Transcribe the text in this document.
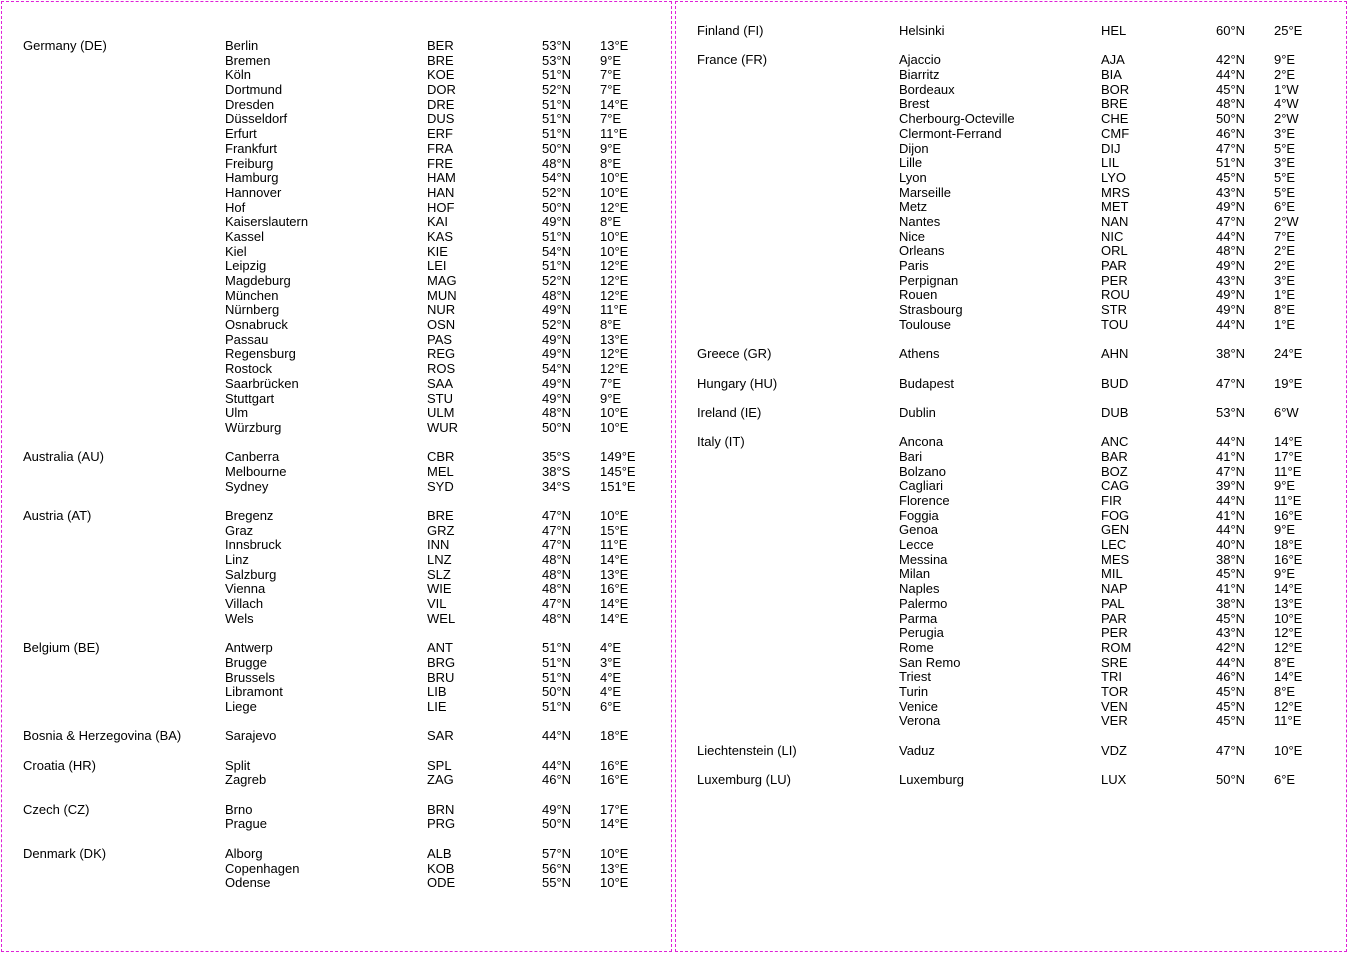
Germany (DE)	Berlin	BER	53°N 13°E
Bremen	BRE	53°N 9°E
Köln	KOE	51°N 7°E
Dortmund	DOR	52°N 7°E
Dresden	DRE	51°N 14°E
Düsseldorf	DUS	51°N 7°E
Erfurt	ERF	51°N 11°E
Frankfurt	FRA	50°N 9°E
Freiburg	FRE	48°N 8°E
Hamburg	HAM	54°N 10°E
Hannover	HAN	52°N 10°E
Hof	HOF	50°N 12°E
Kaiserslautern	KAI	49°N 8°E
Kassel	KAS	51°N 10°E
Kiel	KIE	54°N 10°E
Leipzig	LEI	51°N 12°E
Magdeburg	MAG	52°N 12°E
München	MUN	48°N 12°E
Nürnberg	NUR	49°N 11°E
Osnabruck	OSN	52°N 8°E
Passau	PAS	49°N 13°E
Regensburg	REG	49°N 12°E
Rostock	ROS	54°N 12°E
Saarbrücken	SAA	49°N 7°E
Stuttgart	STU	49°N 9°E
Ulm	ULM	48°N 10°E
Würzburg	WUR	50°N 10°E
Australia (AU)	Canberra	CBR	35°S 149°E
Melbourne	MEL	38°S 145°E
Sydney	SYD	34°S 151°E
Austria (AT)	Bregenz	BRE	47°N 10°E
Graz	GRZ	47°N 15°E
Innsbruck	INN	47°N 11°E
Linz	LNZ	48°N 14°E
Salzburg	SLZ	48°N 13°E
Vienna	WIE	48°N 16°E
Villach	VIL	47°N 14°E
Wels	WEL	48°N 14°E
Belgium (BE)	Antwerp	ANT	51°N 4°E
Brugge	BRG	51°N 3°E
Brussels	BRU	51°N 4°E
Libramont	LIB	50°N 4°E
Liege	LIE	51°N 6°E
Bosnia & Herzegovina (BA)	Sarajevo	SAR	44°N 18°E
Croatia (HR)	Split	SPL	44°N 16°E
Zagreb	ZAG	46°N 16°E
Czech (CZ)	Brno	BRN	49°N 17°E
Prague	PRG	50°N 14°E
Denmark (DK)	Alborg	ALB	57°N 10°E
Copenhagen	KOB	56°N 13°E
Odense	ODE	55°N 10°E
Finland (FI)	Helsinki	HEL	60°N 25°E
France (FR)	Ajaccio	AJA	42°N 9°E
Biarritz	BIA	44°N 2°E
Bordeaux	BOR	45°N 1°W
Brest	BRE	48°N 4°W
Cherbourg-Octeville	CHE	50°N 2°W
Clermont-Ferrand	CMF	46°N 3°E
Dijon	DIJ	47°N 5°E
Lille	LIL	51°N 3°E
Lyon	LYO	45°N 5°E
Marseille	MRS	43°N 5°E
Metz	MET	49°N 6°E
Nantes	NAN	47°N 2°W
Nice	NIC	44°N 7°E
Orleans	ORL	48°N 2°E
Paris	PAR	49°N 2°E
Perpignan	PER	43°N 3°E
Rouen	ROU	49°N 1°E
Strasbourg	STR	49°N 8°E
Toulouse	TOU	44°N 1°E
Greece (GR)	Athens	AHN	38°N 24°E
Hungary (HU)	Budapest	BUD	47°N 19°E
Ireland (IE)	Dublin	DUB	53°N 6°W
Italy (IT)	Ancona	ANC	44°N 14°E
Bari	BAR	41°N 17°E
Bolzano	BOZ	47°N 11°E
Cagliari	CAG	39°N 9°E
Florence	FIR	44°N 11°E
Foggia	FOG	41°N 16°E
Genoa	GEN	44°N 9°E
Lecce	LEC	40°N 18°E
Messina	MES	38°N 16°E
Milan	MIL	45°N 9°E
Naples	NAP	41°N 14°E
Palermo	PAL	38°N 13°E
Parma	PAR	45°N 10°E
Perugia	PER	43°N 12°E
Rome	ROM	42°N 12°E
San Remo	SRE	44°N 8°E
Triest	TRI	46°N 14°E
Turin	TOR	45°N 8°E
Venice	VEN	45°N 12°E
Verona	VER	45°N 11°E
Liechtenstein (LI)	Vaduz	VDZ	47°N 10°E
Luxemburg (LU)	Luxemburg	LUX	50°N 6°E
